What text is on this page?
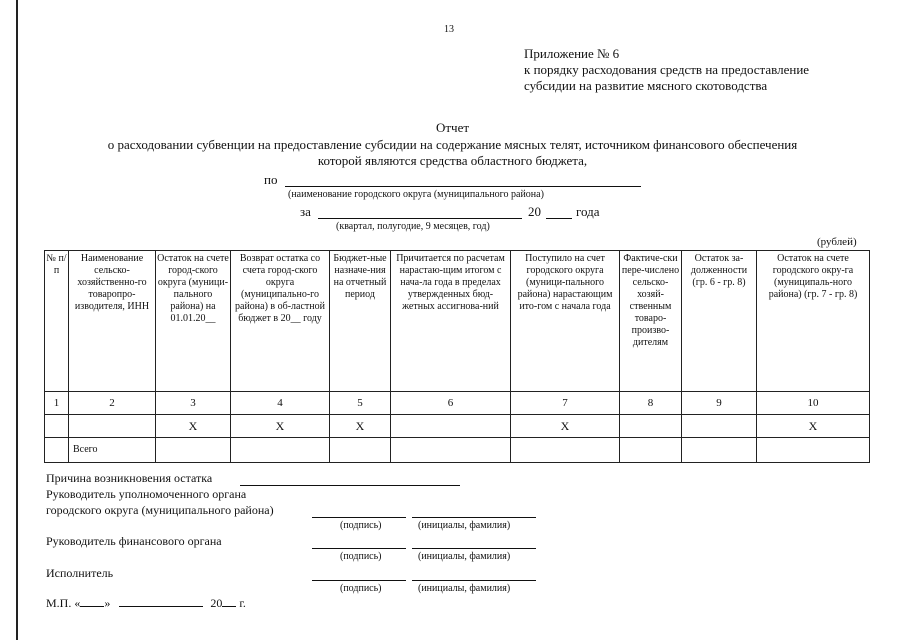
13
Приложение № 6
к порядку расходования средств на предоставление
субсидии на развитие мясного скотоводства
Отчет
о расходовании субвенции на предоставление субсидии на содержание мясных телят, источником финансового обеспечения
которой являются средства областного бюджета,
по
(наименование городского округа (муниципального района)
за	20	года
(квартал, полугодие, 9 месяцев, год)
(рублей)
№ п/п	Наименование сельско-хозяйственно-го товаропро-изводителя, ИНН	Остаток на счете город-ского округа (муници-пального района) на 01.01.20__	Возврат остатка со счета город-ского округа (муниципально-го района) в об-ластной бюджет в 20__ году	Бюджет-ные назначе-ния на отчетный период	Причитается по расчетам нарастаю-щим итогом с нача-ла года в пределах утвержденных бюд-жетных ассигнова-ний	Поступило на счет городского округа (муници-пального района) нарастающим ито-гом с начала года	Фактиче-ски пере-числено сельско-хозяй-ственным товаро-произво-дителям	Остаток за-долженности (гр. 6 - гр. 8)	Остаток на счете городского окру-га (муниципаль-ного района) (гр. 7 - гр. 8)
1	2	3	4	5	6	7	8	9	10
		Х	Х	Х		Х			Х
	Всего								
Причина возникновения остатка
Руководитель уполномоченного органа
городского округа (муниципального района)
(подпись)	(инициалы, фамилия)
Руководитель финансового органа
(подпись)	(инициалы, фамилия)
Исполнитель
(подпись)	(инициалы, фамилия)
М.П. « »	20 г.
